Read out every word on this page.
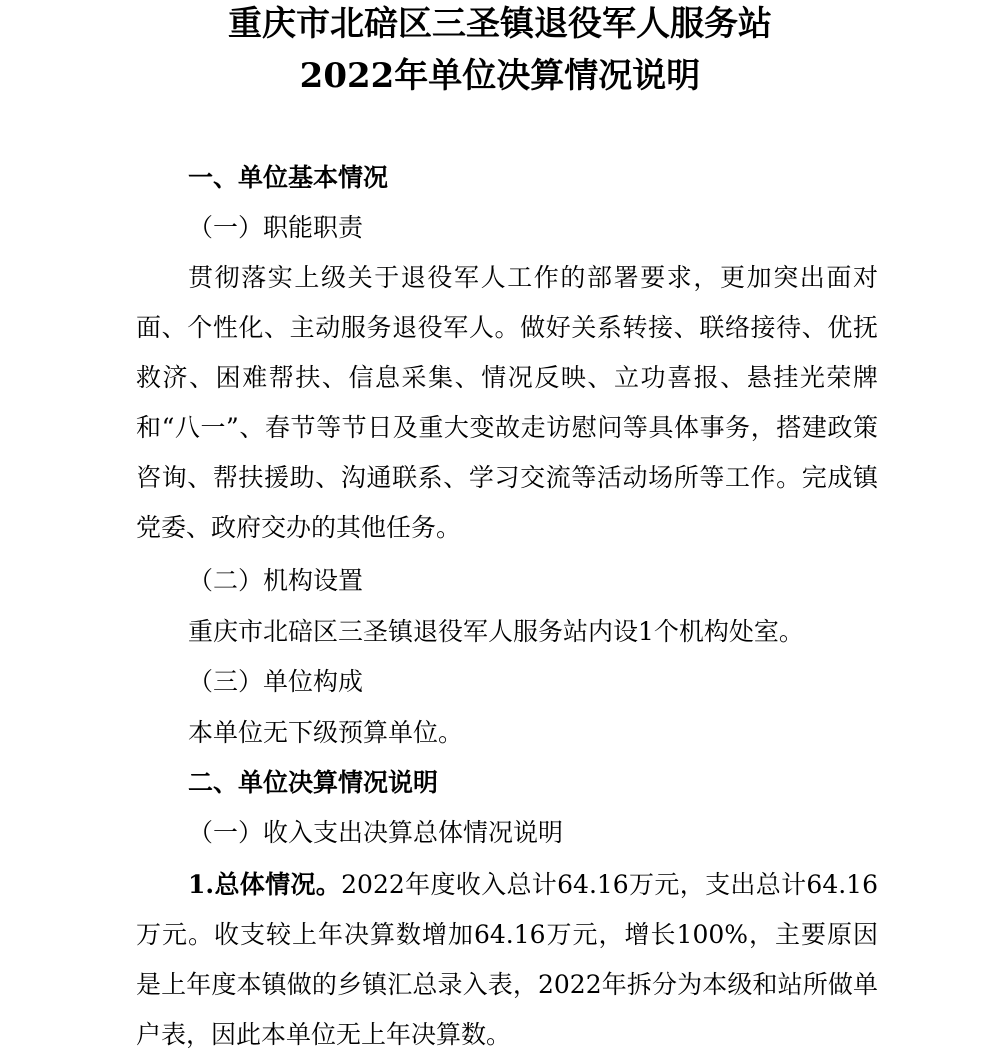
重庆市北碚区三圣镇退役军人服务站
2022年单位决算情况说明
一、单位基本情况
（一）职能职责
贯彻落实上级关于退役军人工作的部署要求，更加突出面对面、个性化、主动服务退役军人。做好关系转接、联络接待、优抚救济、困难帮扶、信息采集、情况反映、立功喜报、悬挂光荣牌和“八一”、春节等节日及重大变故走访慰问等具体事务，搭建政策咨询、帮扶援助、沟通联系、学习交流等活动场所等工作。完成镇党委、政府交办的其他任务。
（二）机构设置
重庆市北碚区三圣镇退役军人服务站内设1个机构处室。
（三）单位构成
本单位无下级预算单位。
二、单位决算情况说明
（一）收入支出决算总体情况说明
1.总体情况。2022年度收入总计64.16万元，支出总计64.16万元。收支较上年决算数增加64.16万元，增长100%，主要原因是上年度本镇做的乡镇汇总录入表，2022年拆分为本级和站所做单户表，因此本单位无上年决算数。
